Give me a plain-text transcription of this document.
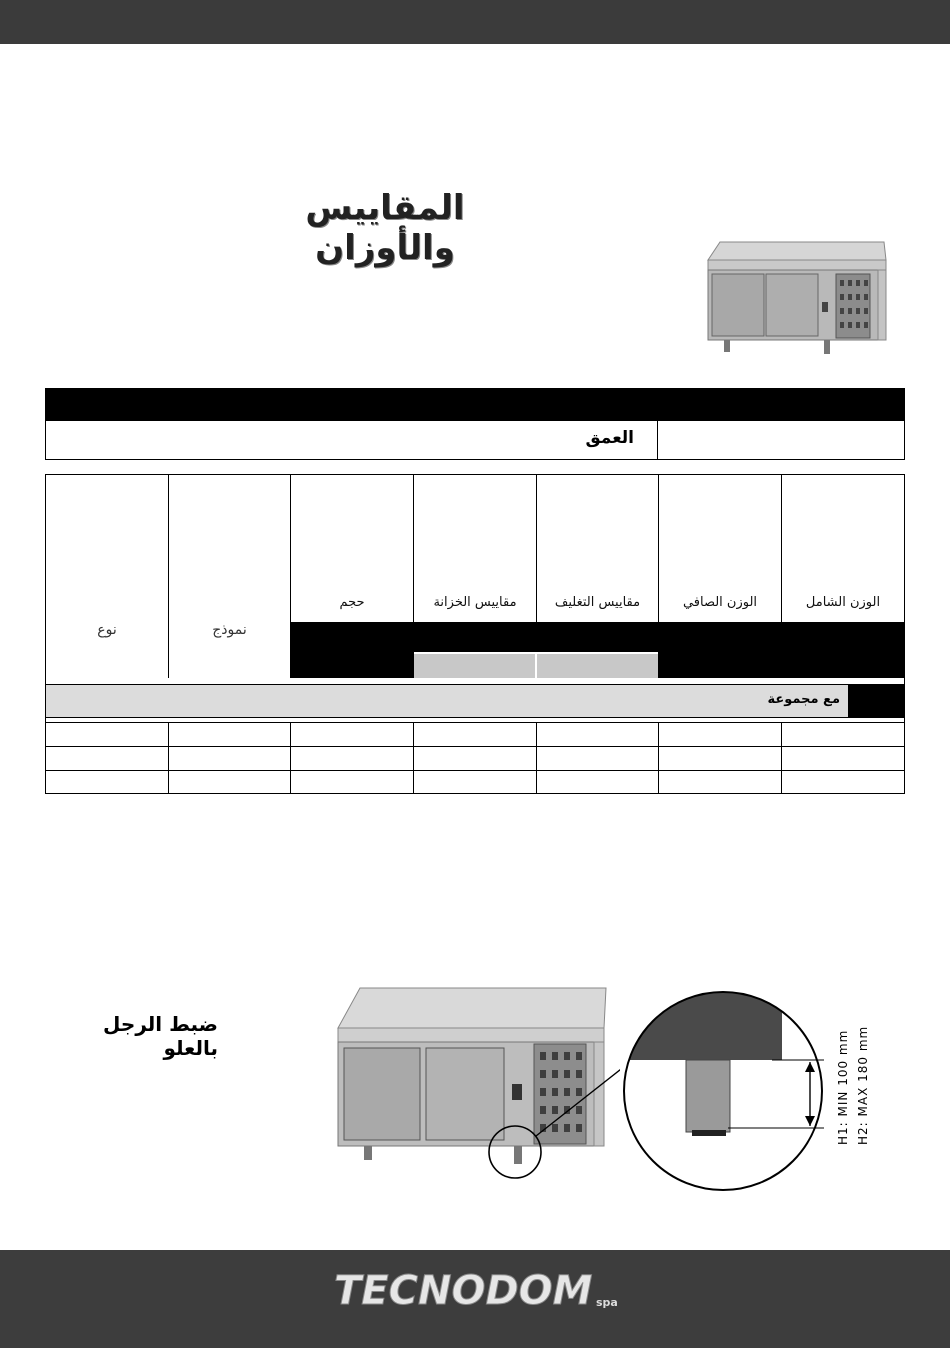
المقاييس والأوزان
العمق
الوزن الشامل
الوزن الصافي
مقاييس التغليف
مقاييس الخزانة
حجم
نموذج
نوع
مع مجموعة
ضبط الرجل بالعلو	H1: MIN 100 mm H2: MAX 180 mm
TECNODOM spa
